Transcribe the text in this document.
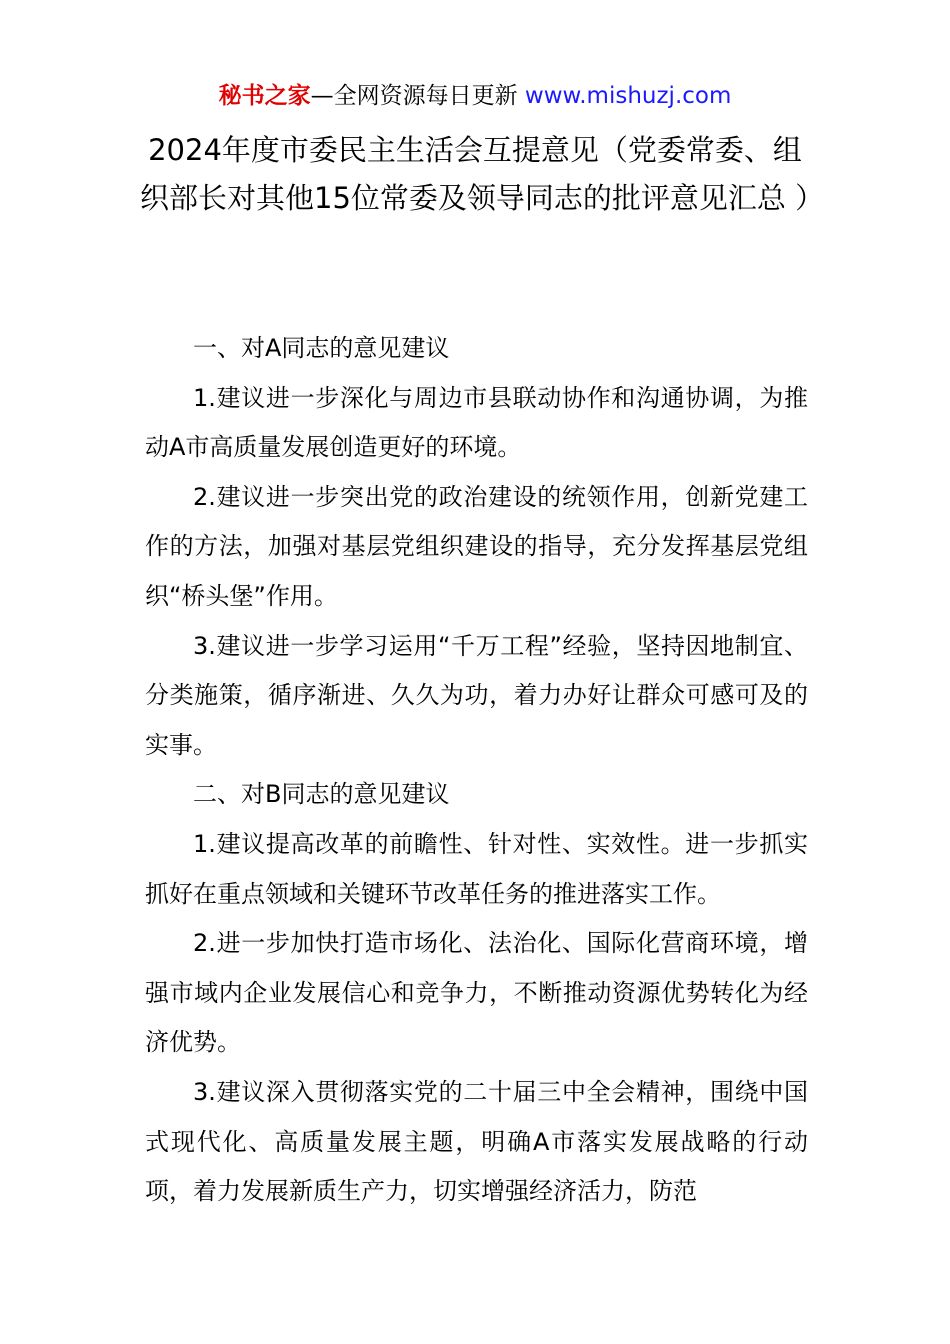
秘书之家—全网资源每日更新 www.mishuzj.com
2024年度市委民主生活会互提意见（党委常委、组织部长对其他15位常委及领导同志的批评意见汇总 ）

一、对A同志的意见建议

1.建议进一步深化与周边市县联动协作和沟通协调，为推动A市高质量发展创造更好的环境。

2.建议进一步突出党的政治建设的统领作用，创新党建工作的方法，加强对基层党组织建设的指导，充分发挥基层党组织“桥头堡”作用。

3.建议进一步学习运用“千万工程”经验，坚持因地制宜、分类施策，循序渐进、久久为功，着力办好让群众可感可及的实事。

二、对B同志的意见建议

1.建议提高改革的前瞻性、针对性、实效性。进一步抓实抓好在重点领域和关键环节改革任务的推进落实工作。

2.进一步加快打造市场化、法治化、国际化营商环境，增强市域内企业发展信心和竞争力，不断推动资源优势转化为经济优势。

3.建议深入贯彻落实党的二十届三中全会精神，围绕中国式现代化、高质量发展主题，明确A市落实发展战略的行动项，着力发展新质生产力，切实增强经济活力，防范
